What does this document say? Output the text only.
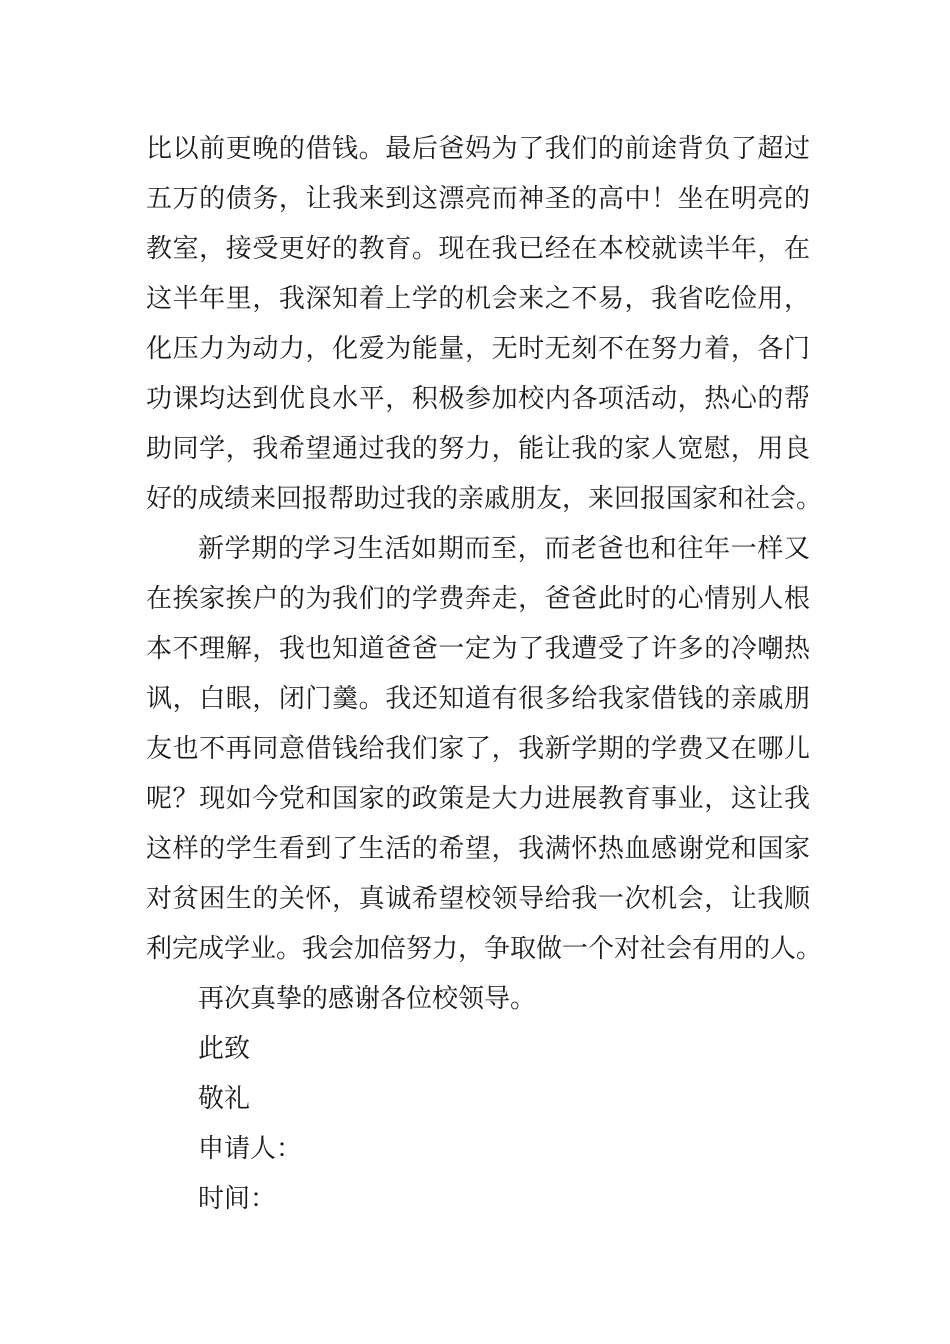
比以前更晚的借钱。最后爸妈为了我们的前途背负了超过
五万的债务，让我来到这漂亮而神圣的高中！坐在明亮的
教室，接受更好的教育。现在我已经在本校就读半年，在
这半年里，我深知着上学的机会来之不易，我省吃俭用，
化压力为动力，化爱为能量，无时无刻不在努力着，各门
功课均达到优良水平，积极参加校内各项活动，热心的帮
助同学，我希望通过我的努力，能让我的家人宽慰，用良
好的成绩来回报帮助过我的亲戚朋友，来回报国家和社会。
新学期的学习生活如期而至，而老爸也和往年一样又
在挨家挨户的为我们的学费奔走，爸爸此时的心情别人根
本不理解，我也知道爸爸一定为了我遭受了许多的冷嘲热
讽，白眼，闭门羹。我还知道有很多给我家借钱的亲戚朋
友也不再同意借钱给我们家了，我新学期的学费又在哪儿
呢？现如今党和国家的政策是大力进展教育事业，这让我
这样的学生看到了生活的希望，我满怀热血感谢党和国家
对贫困生的关怀，真诚希望校领导给我一次机会，让我顺
利完成学业。我会加倍努力，争取做一个对社会有用的人。
再次真挚的感谢各位校领导。
此致
敬礼
申请人：
时间：
